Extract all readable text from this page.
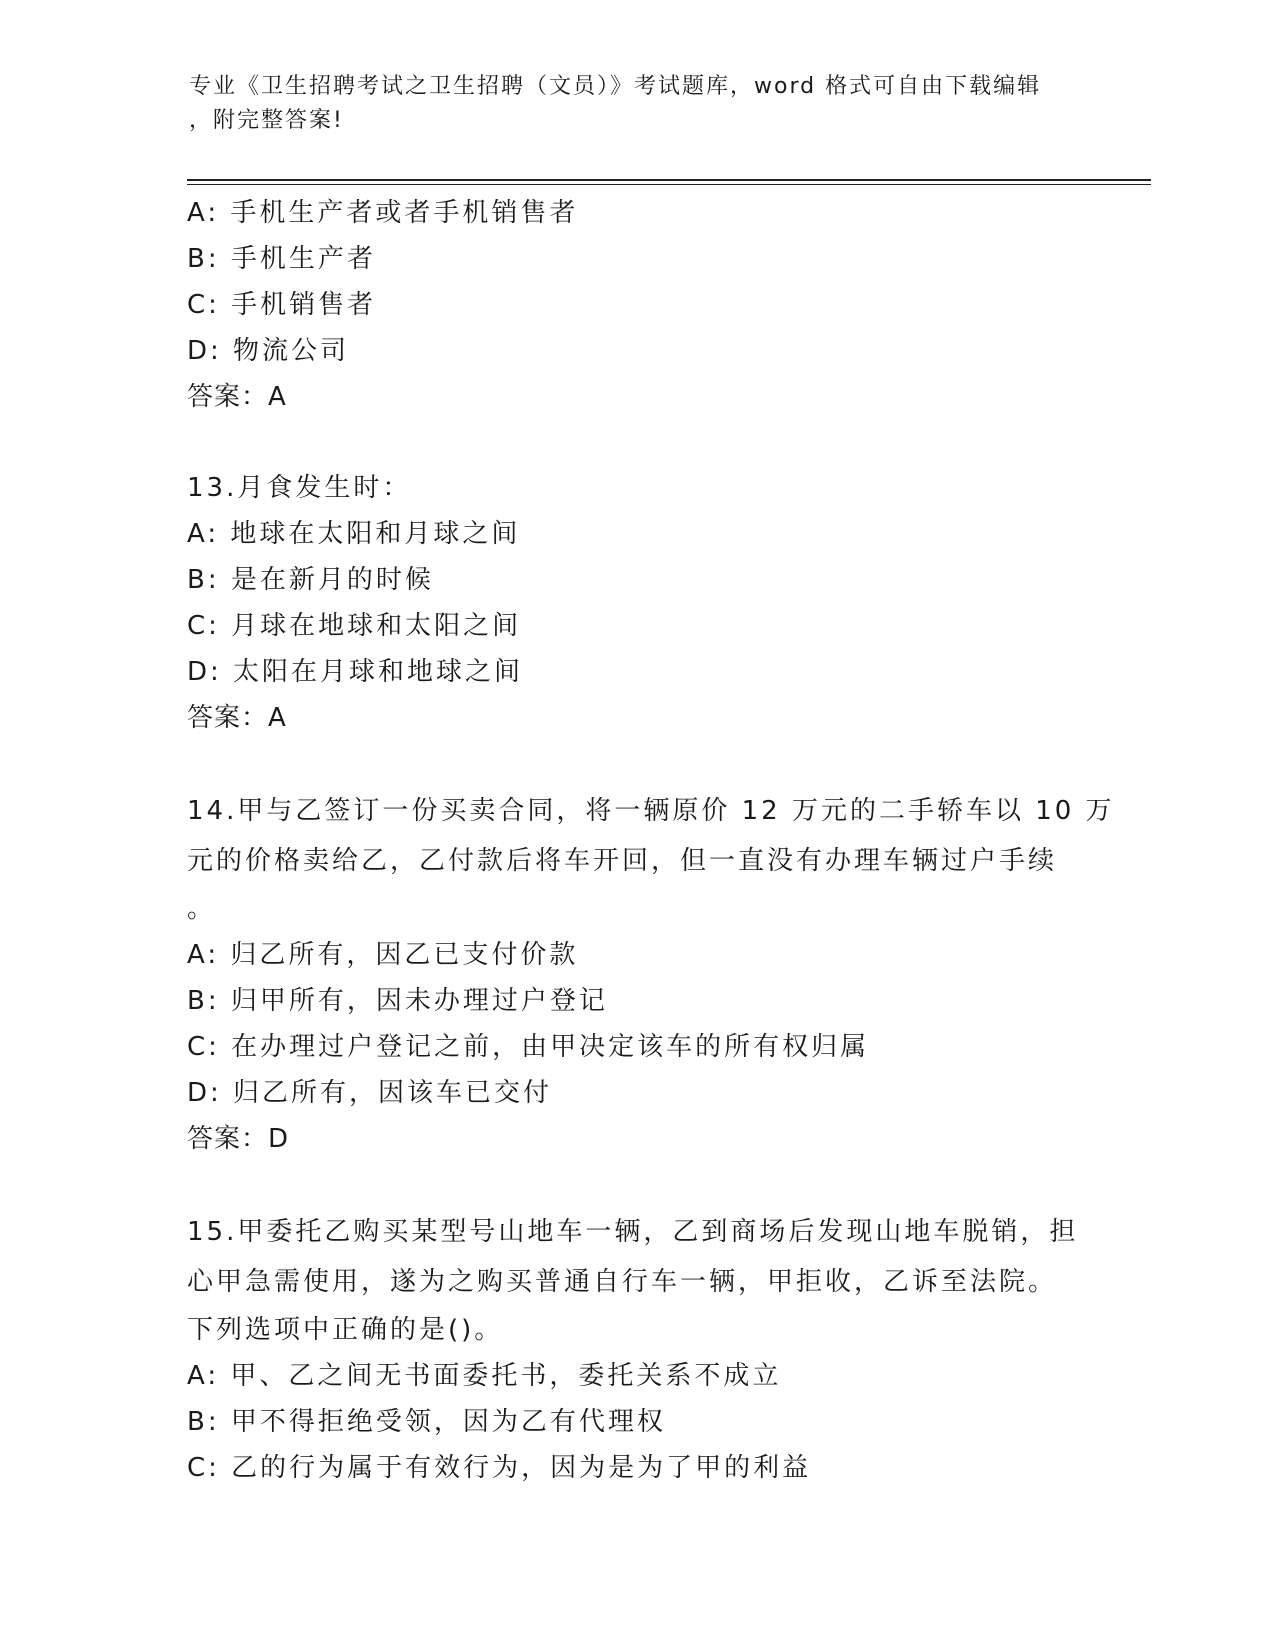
专业《卫生招聘考试之卫生招聘（文员）》考试题库，word 格式可自由下载编辑

，附完整答案!

A: 手机生产者或者手机销售者
B: 手机生产者
C: 手机销售者
D: 物流公司
答案：A
13.月食发生时：
A: 地球在太阳和月球之间
B: 是在新月的时候
C: 月球在地球和太阳之间
D: 太阳在月球和地球之间
答案：A
14.甲与乙签订一份买卖合同，将一辆原价 12 万元的二手轿车以 10 万
元的价格卖给乙，乙付款后将车开回，但一直没有办理车辆过户手续
。
A: 归乙所有，因乙已支付价款
B: 归甲所有，因未办理过户登记
C: 在办理过户登记之前，由甲决定该车的所有权归属
D: 归乙所有，因该车已交付
答案：D
15.甲委托乙购买某型号山地车一辆，乙到商场后发现山地车脱销，担
心甲急需使用，遂为之购买普通自行车一辆，甲拒收，乙诉至法院。
下列选项中正确的是()。
A: 甲、乙之间无书面委托书，委托关系不成立
B: 甲不得拒绝受领，因为乙有代理权
C: 乙的行为属于有效行为，因为是为了甲的利益
